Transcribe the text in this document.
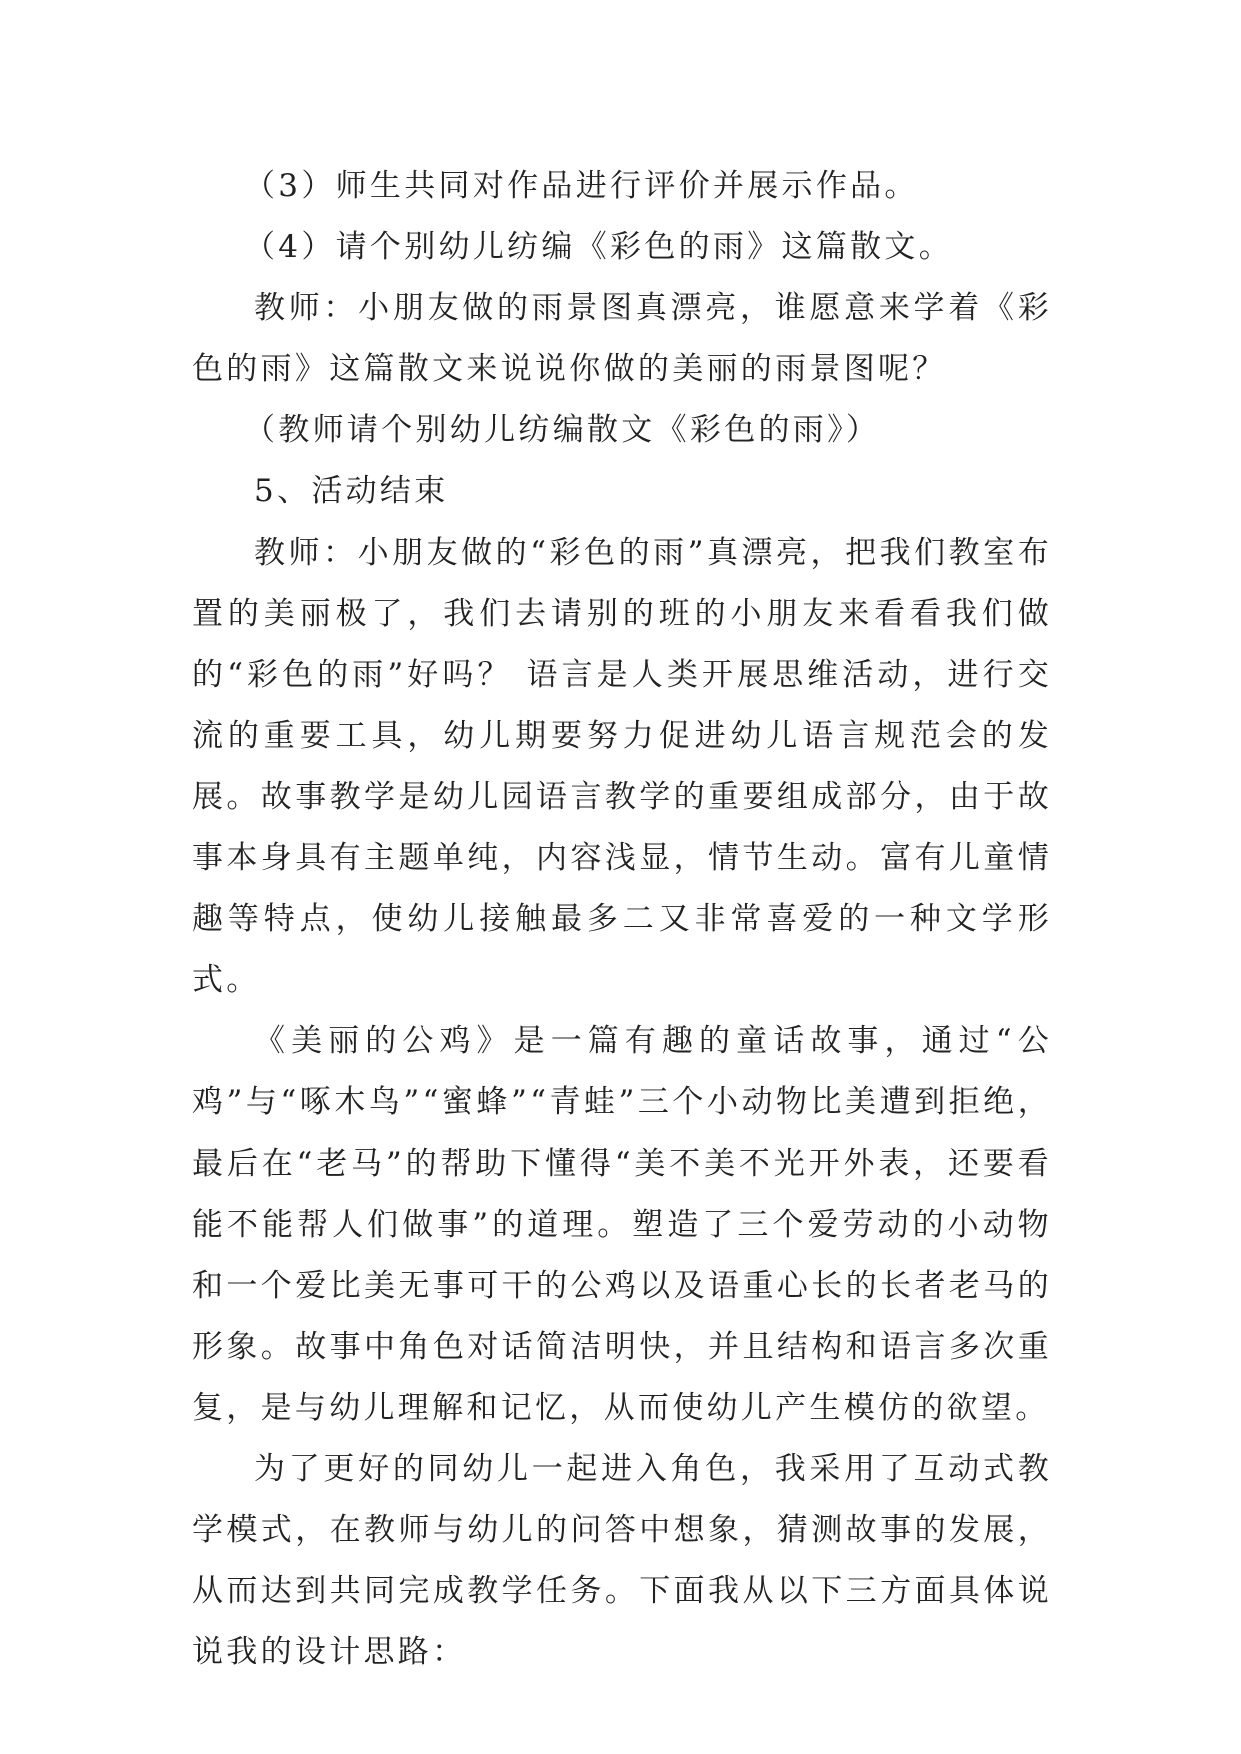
（3）师生共同对作品进行评价并展示作品。

（4）请个别幼儿纺编《彩色的雨》这篇散文。

教师：小朋友做的雨景图真漂亮，谁愿意来学着《彩色的雨》这篇散文来说说你做的美丽的雨景图呢？

（教师请个别幼儿纺编散文《彩色的雨》）

5、活动结束

教师：小朋友做的“彩色的雨”真漂亮，把我们教室布置的美丽极了，我们去请别的班的小朋友来看看我们做的“彩色的雨”好吗？ 语言是人类开展思维活动，进行交流的重要工具，幼儿期要努力促进幼儿语言规范会的发展。故事教学是幼儿园语言教学的重要组成部分，由于故事本身具有主题单纯，内容浅显，情节生动。富有儿童情趣等特点，使幼儿接触最多二又非常喜爱的一种文学形式。

《美丽的公鸡》是一篇有趣的童话故事，通过“公鸡”与“啄木鸟”“蜜蜂”“青蛙”三个小动物比美遭到拒绝，最后在“老马”的帮助下懂得“美不美不光开外表，还要看能不能帮人们做事”的道理。塑造了三个爱劳动的小动物和一个爱比美无事可干的公鸡以及语重心长的长者老马的形象。故事中角色对话简洁明快，并且结构和语言多次重复，是与幼儿理解和记忆，从而使幼儿产生模仿的欲望。

为了更好的同幼儿一起进入角色，我采用了互动式教学模式，在教师与幼儿的问答中想象，猜测故事的发展，从而达到共同完成教学任务。下面我从以下三方面具体说说我的设计思路：
